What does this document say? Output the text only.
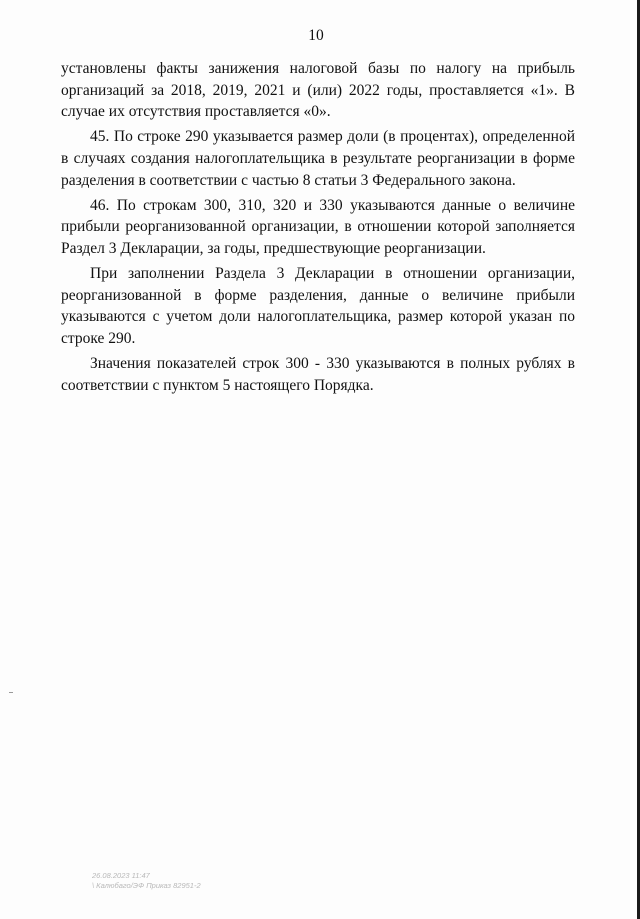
10

установлены факты занижения налоговой базы по налогу на прибыль организаций за 2018, 2019, 2021 и (или) 2022 годы, проставляется «1». В случае их отсутствия проставляется «0».

45. По строке 290 указывается размер доли (в процентах), определенной в случаях создания налогоплательщика в результате реорганизации в форме разделения в соответствии с частью 8 статьи 3 Федерального закона.

46. По строкам 300, 310, 320 и 330 указываются данные о величине прибыли реорганизованной организации, в отношении которой заполняется Раздел 3 Декларации, за годы, предшествующие реорганизации.

При заполнении Раздела 3 Декларации в отношении организации, реорганизованной в форме разделения, данные о величине прибыли указываются с учетом доли налогоплательщика, размер которой указан по строке 290.

Значения показателей строк 300 - 330 указываются в полных рублях в соответствии с пунктом 5 настоящего Порядка.

26.08.2023 11:47
\ Калюбаго/ЭФ Приказ 82951-2
